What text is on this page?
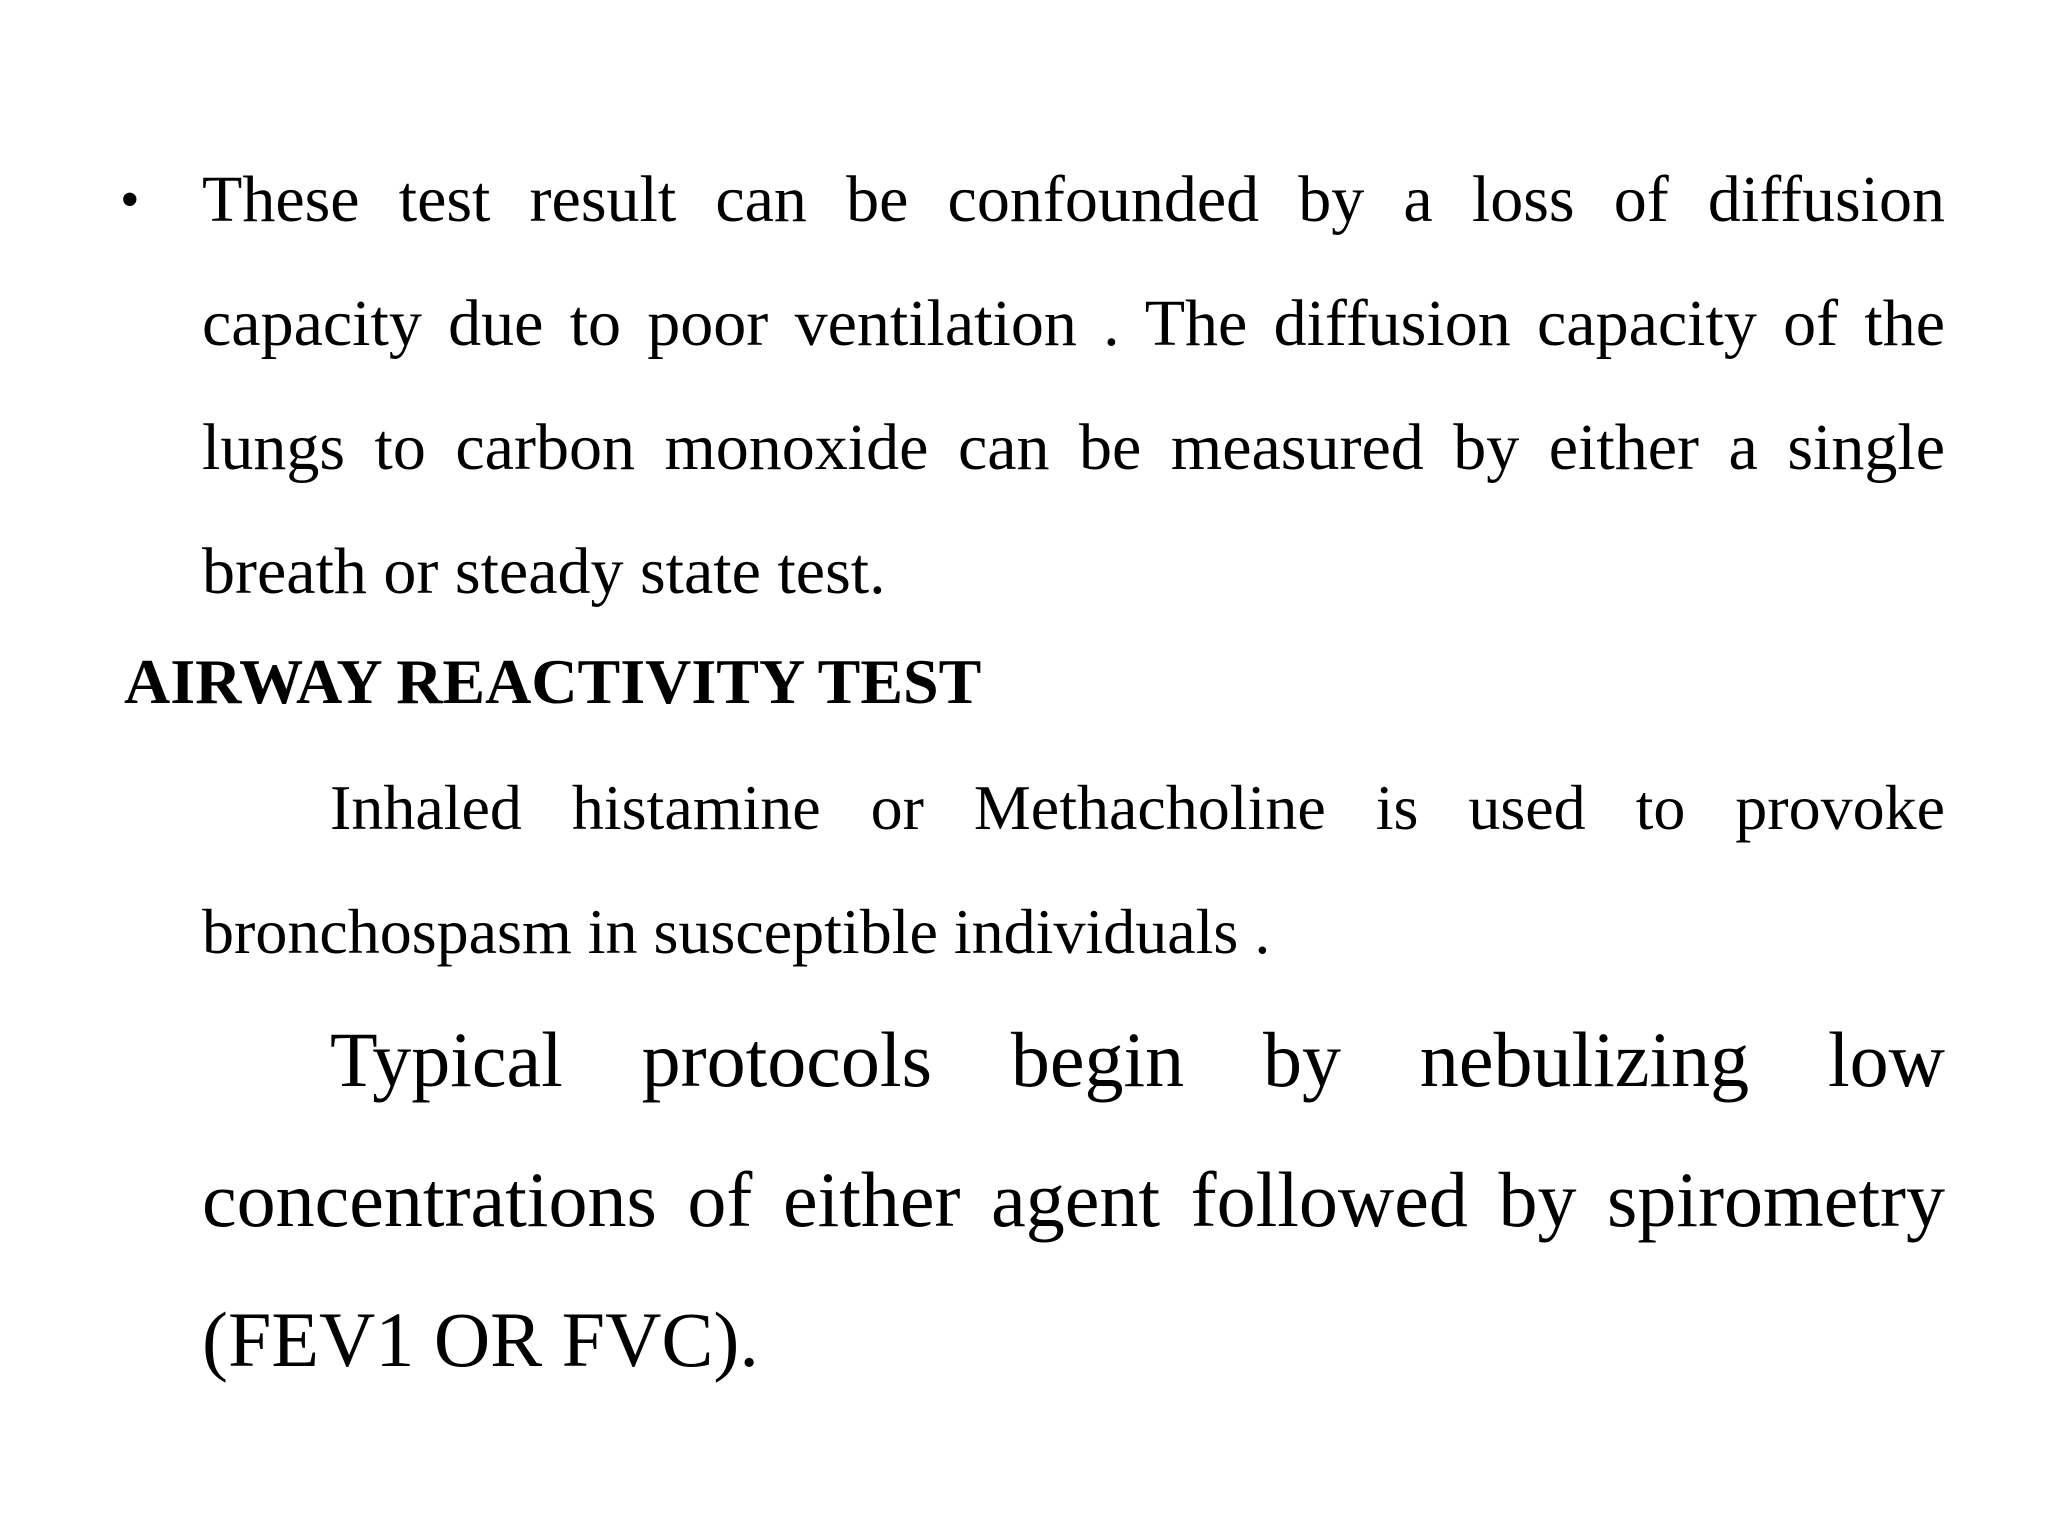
• These test result can be confounded by a loss of diffusion capacity due to poor ventilation . The diffusion capacity of the lungs to carbon monoxide can be measured by either a single breath or steady state test.
AIRWAY REACTIVITY TEST
Inhaled histamine or Methacholine is used to provoke bronchospasm in susceptible individuals .
Typical protocols begin by nebulizing low concentrations of either agent followed by spirometry (FEV1 OR FVC).
